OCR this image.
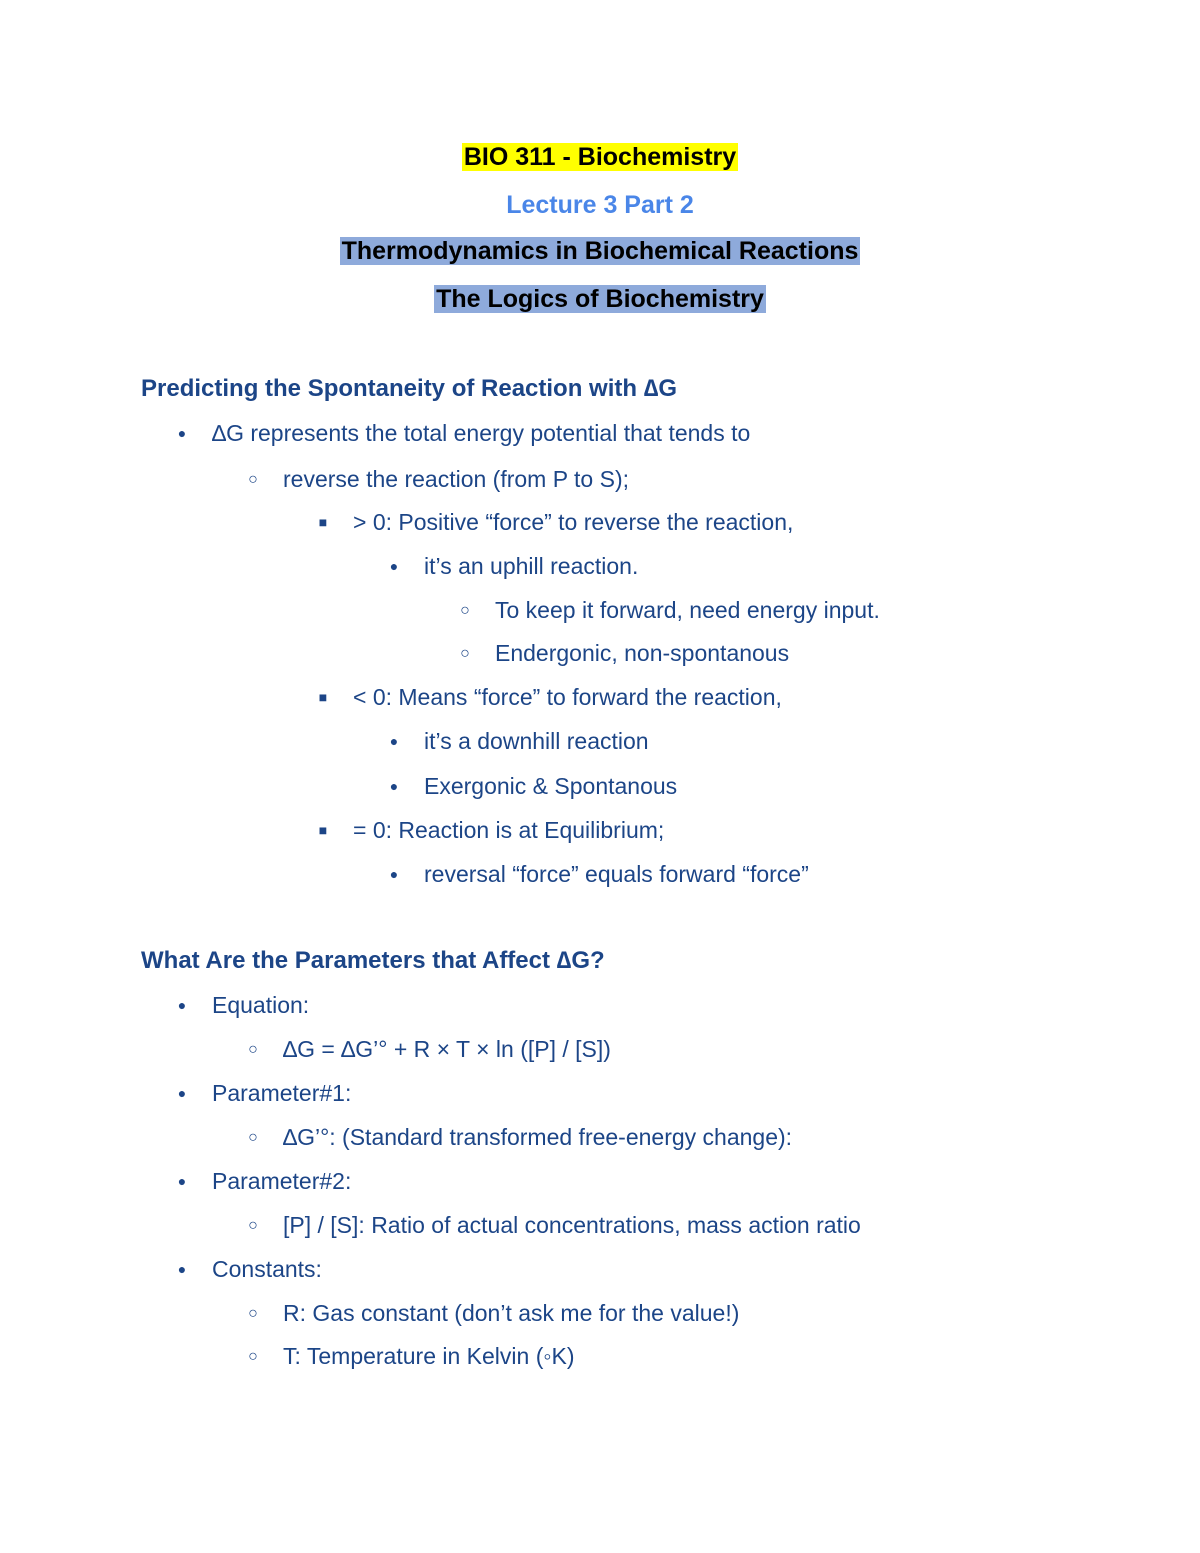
BIO 311 - Biochemistry
Lecture 3 Part 2
Thermodynamics in Biochemical Reactions
The Logics of Biochemistry
Predicting the Spontaneity of Reaction with ∆G
●
∆G represents the total energy potential that tends to
○
reverse the reaction (from P to S);
■
> 0: Positive “force” to reverse the reaction,
●
it’s an uphill reaction.
○
To keep it forward, need energy input.
○
Endergonic, non-spontanous
■
< 0: Means “force” to forward the reaction,
●
it’s a downhill reaction
●
Exergonic & Spontanous
■
= 0: Reaction is at Equilibrium;
●
reversal “force” equals forward “force”
What Are the Parameters that Affect ∆G?
●
Equation:
○
∆G = ∆G’° + R × T × ln ([P] / [S])
●
Parameter#1:
○
∆G’°: (Standard transformed free-energy change):
●
Parameter#2:
○
[P] / [S]: Ratio of actual concentrations, mass action ratio
●
Constants:
○
R: Gas constant (don’t ask me for the value!)
○
T: Temperature in Kelvin (◦K)
